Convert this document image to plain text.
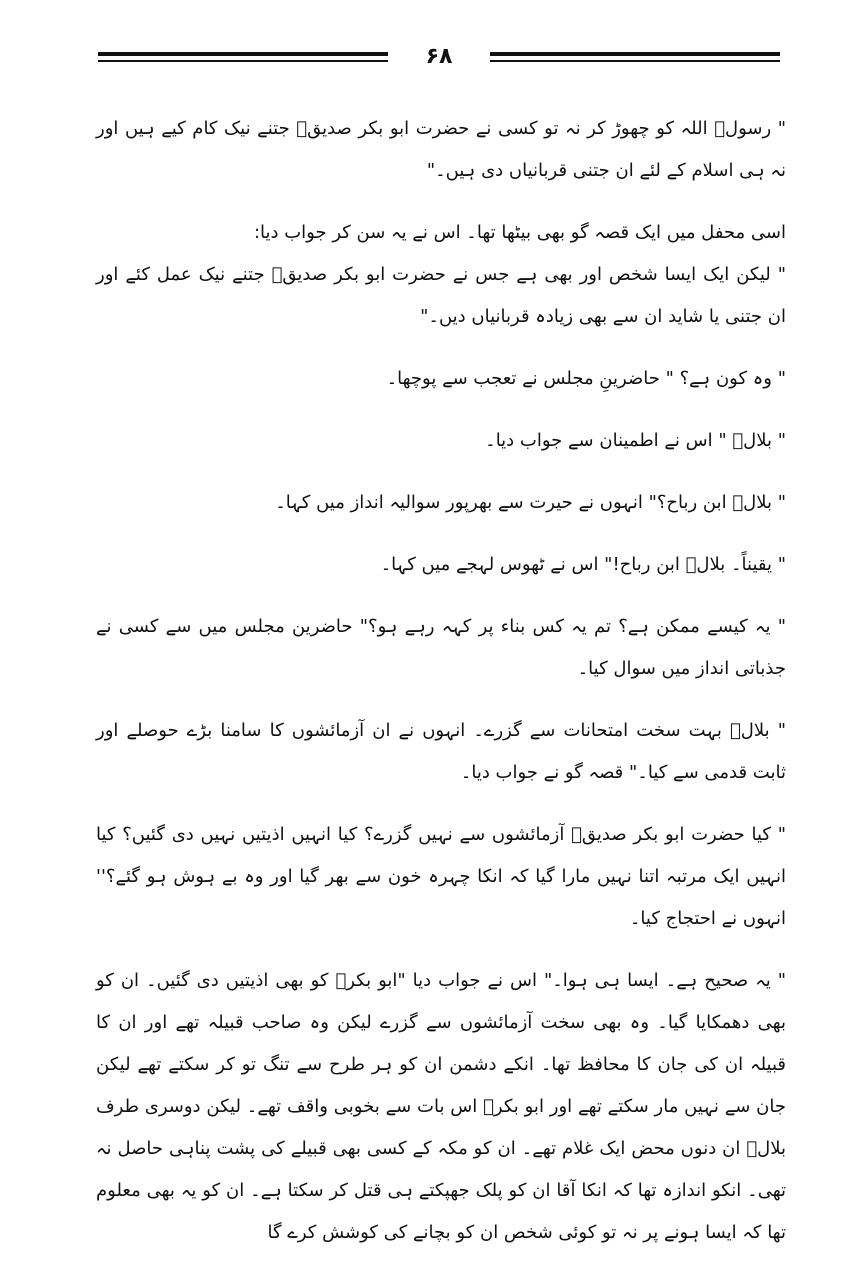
۶۸

" رسولؐ اللہ کو چھوڑ کر نہ تو کسی نے حضرت ابو بکر صدیقؓ جتنے نیک کام کیے ہیں اور نہ ہی اسلام کے لئے ان جتنی قربانیاں دی ہیں۔"

اسی محفل میں ایک قصہ گو بھی بیٹھا تھا۔ اس نے یہ سن کر جواب دیا:

" لیکن ایک ایسا شخص اور بھی ہے جس نے حضرت ابو بکر صدیقؓ جتنے نیک عمل کئے اور ان جتنی یا شاید ان سے بھی زیادہ قربانیاں دیں۔"

" وہ کون ہے؟ " حاضرینِ مجلس نے تعجب سے پوچھا۔

" بلالؓ " اس نے اطمینان سے جواب دیا۔

" بلالؓ ابن رباح؟" انہوں نے حیرت سے بھرپور سوالیہ انداز میں کہا۔

" یقیناً۔ بلالؓ ابن رباح!" اس نے ٹھوس لہجے میں کہا۔

" یہ کیسے ممکن ہے؟ تم یہ کس بناء پر کہہ رہے ہو؟" حاضرین مجلس میں سے کسی نے جذباتی انداز میں سوال کیا۔

" بلالؓ بہت سخت امتحانات سے گزرے۔ انہوں نے ان آزمائشوں کا سامنا بڑے حوصلے اور ثابت قدمی سے کیا۔" قصہ گو نے جواب دیا۔

" کیا حضرت ابو بکر صدیقؓ آزمائشوں سے نہیں گزرے؟ کیا انہیں اذیتیں نہیں دی گئیں؟ کیا انہیں ایک مرتبہ اتنا نہیں مارا گیا کہ انکا چہرہ خون سے بھر گیا اور وہ بے ہوش ہو گئے؟'' انہوں نے احتجاج کیا۔

" یہ صحیح ہے۔ ایسا ہی ہوا۔" اس نے جواب دیا "ابو بکرؓ کو بھی اذیتیں دی گئیں۔ ان کو بھی دھمکایا گیا۔ وہ بھی سخت آزمائشوں سے گزرے لیکن وہ صاحب قبیلہ تھے اور ان کا قبیلہ ان کی جان کا محافظ تھا۔ انکے دشمن ان کو ہر طرح سے تنگ تو کر سکتے تھے لیکن جان سے نہیں مار سکتے تھے اور ابو بکرؓ اس بات سے بخوبی واقف تھے۔ لیکن دوسری طرف بلالؓ ان دنوں محض ایک غلام تھے۔ ان کو مکہ کے کسی بھی قبیلے کی پشت پناہی حاصل نہ تھی۔ انکو اندازہ تھا کہ انکا آقا ان کو پلک جھپکتے ہی قتل کر سکتا ہے۔ ان کو یہ بھی معلوم تھا کہ ایسا ہونے پر نہ تو کوئی شخص ان کو بچانے کی کوشش کرے گا
